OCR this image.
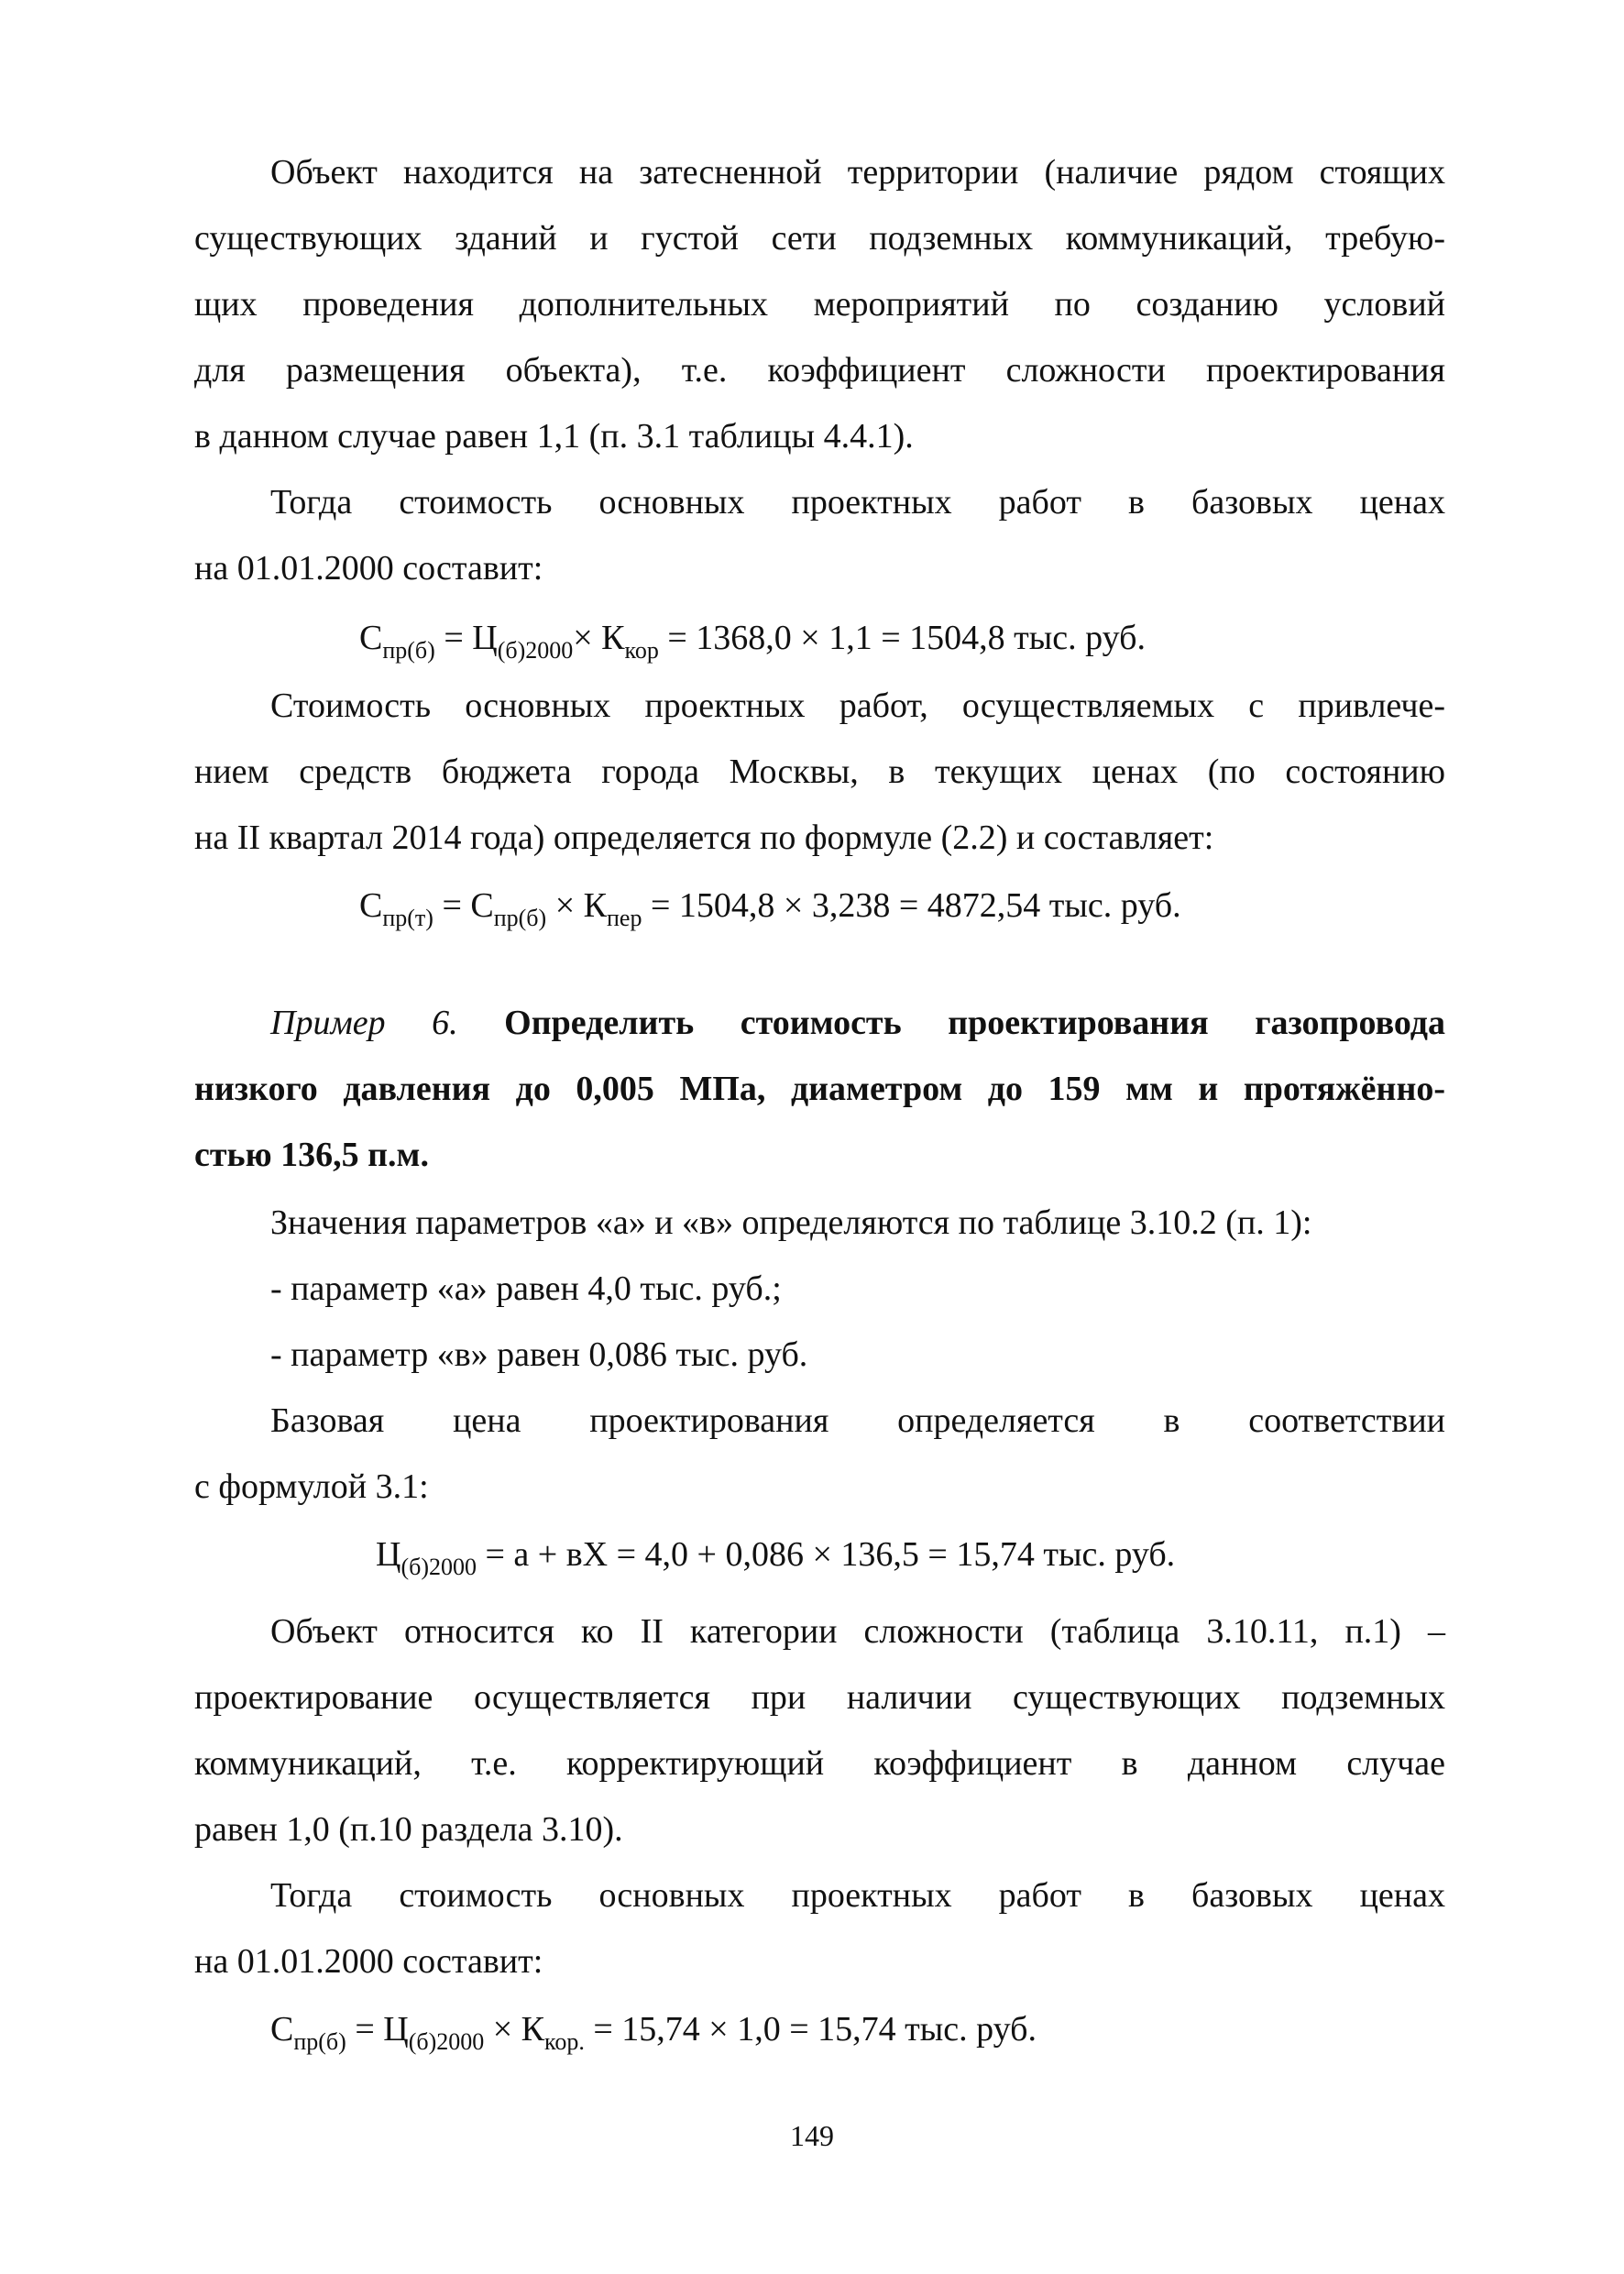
Объект находится на затесненной территории (наличие рядом стоящих
существующих зданий и густой сети подземных коммуникаций, требую-
щих проведения дополнительных мероприятий по созданию условий
для размещения объекта), т.е. коэффициент сложности проектирования
в данном случае равен 1,1 (п. 3.1 таблицы 4.4.1).
Тогда стоимость основных проектных работ в базовых ценах
на 01.01.2000 составит:
$С_{пр(б)} = Ц_{(б)2000}\times К_{кор} = 1368,0 \times 1,1 = 1504,8$ тыс. руб.
Стоимость основных проектных работ, осуществляемых с привлече-
нием средств бюджета города Москвы, в текущих ценах (по состоянию
на II квартал 2014 года) определяется по формуле (2.2) и составляет:
$С_{пр(т)} = С_{пр(б)} \times К_{пер} = 1504,8 \times 3,238 = 4872,54$ тыс. руб.
Пример 6. Определить стоимость проектирования газопровода
низкого давления до 0,005 МПа, диаметром до 159 мм и протяжённо-
стью 136,5 п.м.
Значения параметров «а» и «в» определяются по таблице 3.10.2 (п. 1):
- параметр «а» равен 4,0 тыс. руб.;
- параметр «в» равен 0,086 тыс. руб.
Базовая цена проектирования определяется в соответствии
с формулой 3.1:
$Ц_{(б)2000} = а$ + вХ = 4,0 + 0,086 × 136,5 = 15,74 тыс. руб.
Объект относится ко II категории сложности (таблица 3.10.11, п.1) –
проектирование осуществляется при наличии существующих подземных
коммуникаций, т.е. корректирующий коэффициент в данном случае
равен 1,0 (п.10 раздела 3.10).
Тогда стоимость основных проектных работ в базовых ценах
на 01.01.2000 составит:
$С_{пр(б)} = Ц_{(б)2000} \times К_{кор.} = 15,74 \times 1,0 = 15,74$ тыс. руб.
149
